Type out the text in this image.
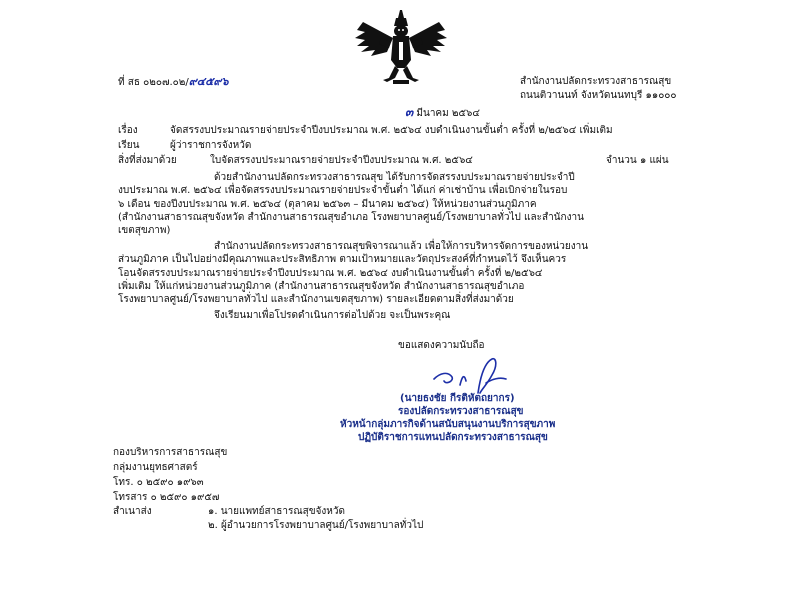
ที่ สธ ๐๒๐๗.๐๒/๙๔๕๙๖	สำนักงานปลัดกระทรวงสาธารณสุข
ถนนติวานนท์ จังหวัดนนทบุรี ๑๑๐๐๐
๓ มีนาคม ๒๕๖๔
เรื่อง	จัดสรรงบประมาณรายจ่ายประจำปีงบประมาณ พ.ศ. ๒๕๖๔ งบดำเนินงานขั้นต่ำ ครั้งที่ ๒/๒๕๖๔ เพิ่มเติม
เรียน	ผู้ว่าราชการจังหวัด
สิ่งที่ส่งมาด้วย	ใบจัดสรรงบประมาณรายจ่ายประจำปีงบประมาณ พ.ศ. ๒๕๖๔	จำนวน ๑ แผ่น
ด้วยสำนักงานปลัดกระทรวงสาธารณสุข ได้รับการจัดสรรงบประมาณรายจ่ายประจำปี
งบประมาณ พ.ศ. ๒๕๖๔ เพื่อจัดสรรงบประมาณรายจ่ายประจำขั้นต่ำ ได้แก่ ค่าเช่าบ้าน เพื่อเบิกจ่ายในรอบ
๖ เดือน ของปีงบประมาณ พ.ศ. ๒๕๖๔ (ตุลาคม ๒๕๖๓ – มีนาคม ๒๕๖๔) ให้หน่วยงานส่วนภูมิภาค
(สำนักงานสาธารณสุขจังหวัด สำนักงานสาธารณสุขอำเภอ โรงพยาบาลศูนย์/โรงพยาบาลทั่วไป และสำนักงาน
เขตสุขภาพ)
สำนักงานปลัดกระทรวงสาธารณสุขพิจารณาแล้ว เพื่อให้การบริหารจัดการของหน่วยงาน
ส่วนภูมิภาค เป็นไปอย่างมีคุณภาพและประสิทธิภาพ ตามเป้าหมายและวัตถุประสงค์ที่กำหนดไว้ จึงเห็นควร
โอนจัดสรรงบประมาณรายจ่ายประจำปีงบประมาณ พ.ศ. ๒๕๖๔ งบดำเนินงานขั้นต่ำ ครั้งที่ ๒/๒๕๖๔
เพิ่มเติม ให้แก่หน่วยงานส่วนภูมิภาค (สำนักงานสาธารณสุขจังหวัด สำนักงานสาธารณสุขอำเภอ
โรงพยาบาลศูนย์/โรงพยาบาลทั่วไป และสำนักงานเขตสุขภาพ) รายละเอียดตามสิ่งที่ส่งมาด้วย
จึงเรียนมาเพื่อโปรดดำเนินการต่อไปด้วย จะเป็นพระคุณ
ขอแสดงความนับถือ
(นายธงชัย กีรติหัตถยากร)
รองปลัดกระทรวงสาธารณสุข
หัวหน้ากลุ่มภารกิจด้านสนับสนุนงานบริการสุขภาพ
ปฏิบัติราชการแทนปลัดกระทรวงสาธารณสุข
กองบริหารการสาธารณสุข
กลุ่มงานยุทธศาสตร์
โทร. ๐ ๒๕๙๐ ๑๙๖๓
โทรสาร ๐ ๒๕๙๐ ๑๙๕๗
สำเนาส่ง	๑. นายแพทย์สาธารณสุขจังหวัด
๒. ผู้อำนวยการโรงพยาบาลศูนย์/โรงพยาบาลทั่วไป
